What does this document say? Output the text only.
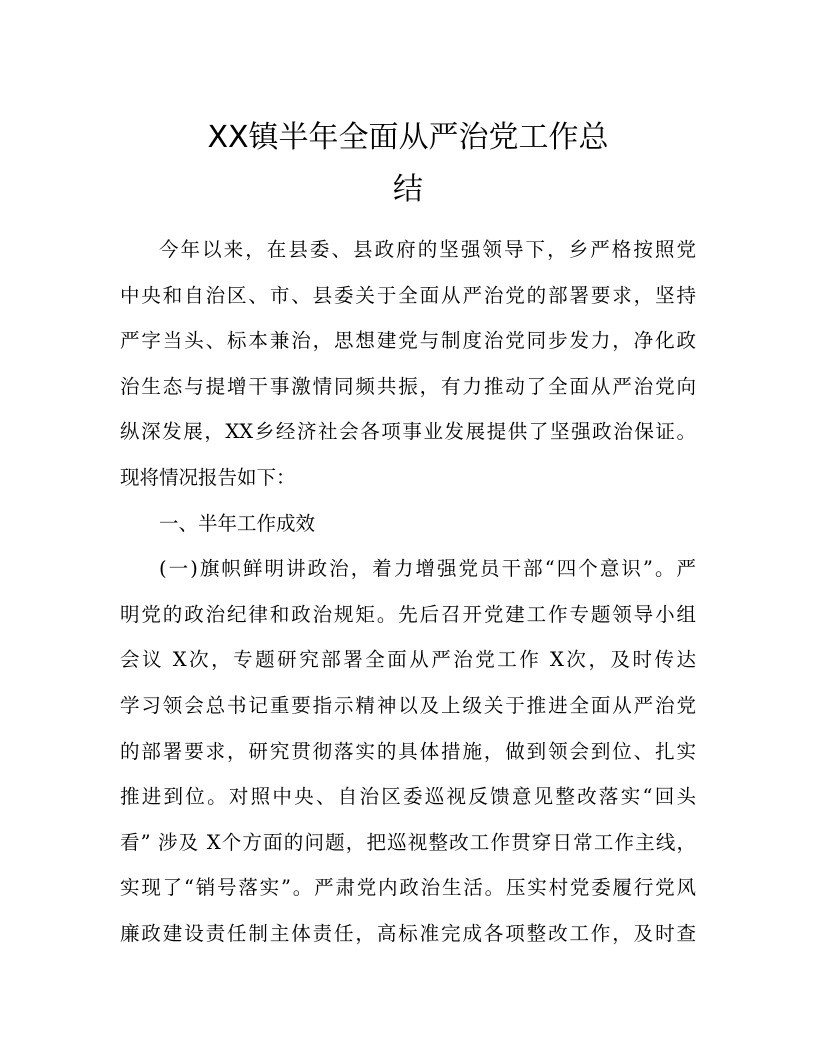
XX镇半年全面从严治党工作总
结
今年以来，在县委、县政府的坚强领导下，乡严格按照党
中央和自治区、市、县委关于全面从严治党的部署要求，坚持
严字当头、标本兼治，思想建党与制度治党同步发力，净化政
治生态与提增干事激情同频共振，有力推动了全面从严治党向
纵深发展，XX乡经济社会各项事业发展提供了坚强政治保证。
现将情况报告如下：
一、半年工作成效
(一)旗帜鲜明讲政治，着力增强党员干部“四个意识”。严
明党的政治纪律和政治规矩。先后召开党建工作专题领导小组
会议 X次，专题研究部署全面从严治党工作 X次，及时传达
学习领会总书记重要指示精神以及上级关于推进全面从严治党
的部署要求，研究贯彻落实的具体措施，做到领会到位、扎实
推进到位。对照中央、自治区委巡视反馈意见整改落实“回头
看” 涉及 X个方面的问题，把巡视整改工作贯穿日常工作主线，
实现了“销号落实”。严肃党内政治生活。压实村党委履行党风
廉政建设责任制主体责任，高标准完成各项整改工作，及时查
